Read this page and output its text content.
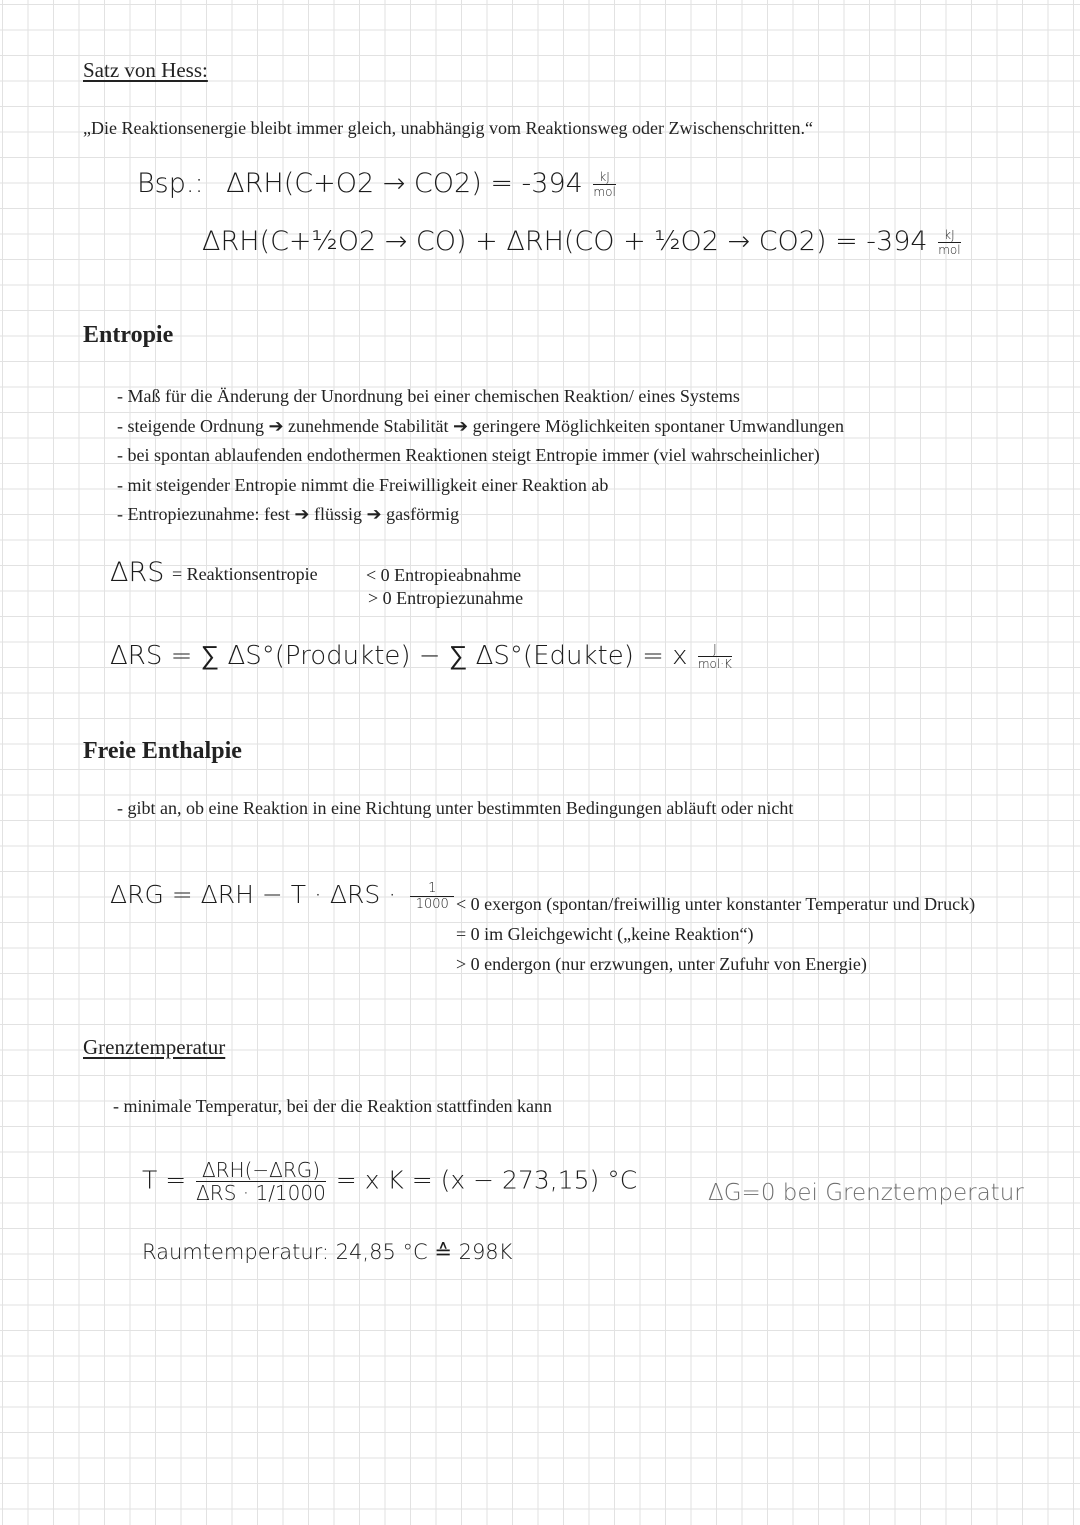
Satz von Hess:
„Die Reaktionsenergie bleibt immer gleich, unabhängig vom Reaktionsweg oder Zwischenschritten.“
Bsp.: $\Delta RH(C+O2 \to CO2) = -394 \frac{kJ}{\text{mol}}$
ΔRH(C+½O2 → CO) + ΔRH(CO + ½O2 → $CO2) = -394 \frac{kJ}{\text{mol}}$
Entropie
- Maß für die Änderung der Unordnung bei einer chemischen Reaktion/ eines Systems
- steigende Ordnung ➔ zunehmende Stabilität ➔ geringere Möglichkeiten spontaner Umwandlungen
- bei spontan ablaufenden endothermen Reaktionen steigt Entropie immer (viel wahrscheinlicher)
- mit steigender Entropie nimmt die Freiwilligkeit einer Reaktion ab
- Entropiezunahme: fest ➔ flüssig ➔ gasförmig
ΔRS = Reaktionsentropie	< 0 Entropieabnahme
> 0 Entropiezunahme
ΔRS = ∑ ΔS°(Produkte) − ∑ ΔS°(Edukte) = x $\frac{J}{\text{mol·K}}$
Freie Enthalpie
- gibt an, ob eine Reaktion in eine Richtung unter bestimmten Bedingungen abläuft oder nicht
$\Delta RG = \Delta RH - T \cdot \Delta RS \cdot \frac{1}{1000} < 0$ exergon (spontan/freiwillig unter konstanter Temperatur und Druck)
= 0 im Gleichgewicht („keine Reaktion“)
> 0 endergon (nur erzwungen, unter Zufuhr von Energie)
Grenztemperatur
- minimale Temperatur, bei der die Reaktion stattfinden kann
$T = \frac{\text{ΔRH(−ΔRG)}}{\text{ΔRS · 1/1000}} = x$ K = (x − 273,15) °C	ΔG=0 bei Grenztemperatur
Raumtemperatur: 24,85 °C ≙ 298K
